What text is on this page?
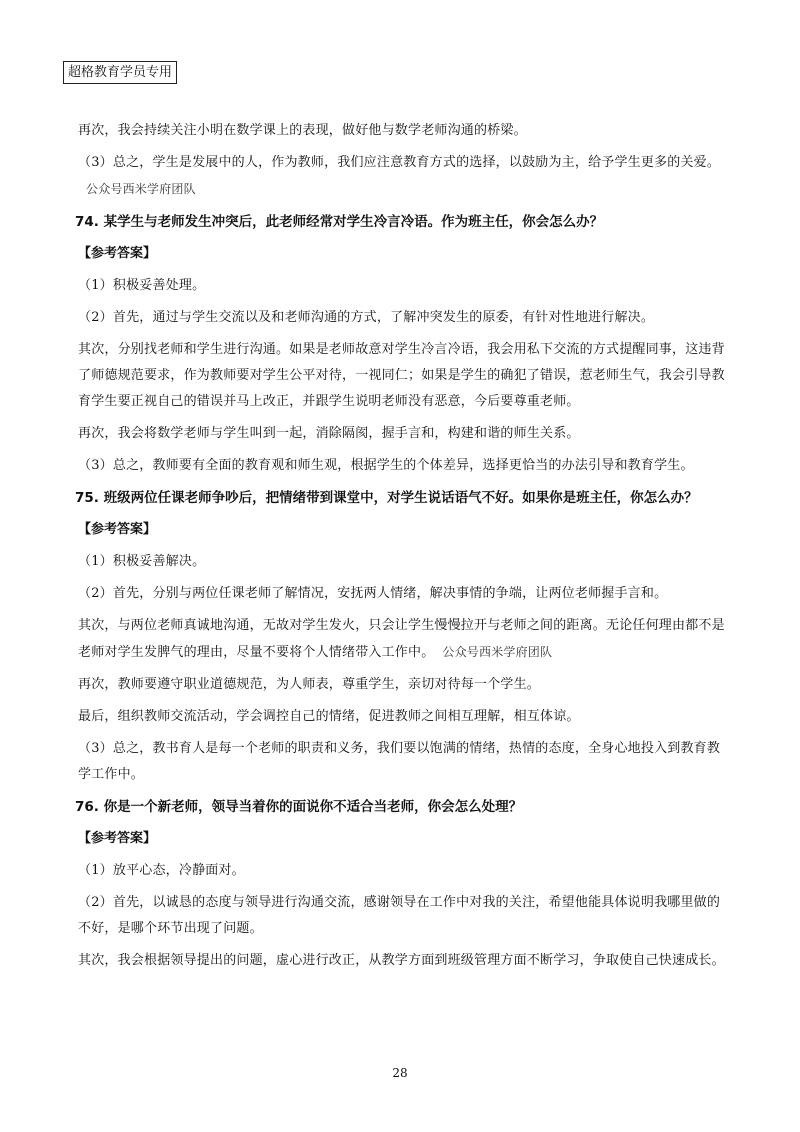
超格教育学员专用

再次，我会持续关注小明在数学课上的表现，做好他与数学老师沟通的桥梁。

（3）总之，学生是发展中的人，作为教师，我们应注意教育方式的选择，以鼓励为主，给予学生更多的关爱。公众号西米学府团队

74. 某学生与老师发生冲突后，此老师经常对学生冷言冷语。作为班主任，你会怎么办？

【参考答案】

（1）积极妥善处理。

（2）首先，通过与学生交流以及和老师沟通的方式，了解冲突发生的原委，有针对性地进行解决。

其次，分别找老师和学生进行沟通。如果是老师故意对学生冷言冷语，我会用私下交流的方式提醒同事，这违背了师德规范要求，作为教师要对学生公平对待，一视同仁；如果是学生的确犯了错误，惹老师生气，我会引导教育学生要正视自己的错误并马上改正，并跟学生说明老师没有恶意，今后要尊重老师。

再次，我会将数学老师与学生叫到一起，消除隔阂，握手言和，构建和谐的师生关系。

（3）总之，教师要有全面的教育观和师生观，根据学生的个体差异，选择更恰当的办法引导和教育学生。

75. 班级两位任课老师争吵后，把情绪带到课堂中，对学生说话语气不好。如果你是班主任，你怎么办？

【参考答案】

（1）积极妥善解决。

（2）首先，分别与两位任课老师了解情况，安抚两人情绪，解决事情的争端，让两位老师握手言和。

其次，与两位老师真诚地沟通，无故对学生发火，只会让学生慢慢拉开与老师之间的距离。无论任何理由都不是老师对学生发脾气的理由，尽量不要将个人情绪带入工作中。 公众号西米学府团队

再次，教师要遵守职业道德规范，为人师表，尊重学生，亲切对待每一个学生。

最后，组织教师交流活动，学会调控自己的情绪，促进教师之间相互理解，相互体谅。

（3）总之，教书育人是每一个老师的职责和义务，我们要以饱满的情绪，热情的态度，全身心地投入到教育教学工作中。

76. 你是一个新老师，领导当着你的面说你不适合当老师，你会怎么处理？

【参考答案】

（1）放平心态，冷静面对。

（2）首先，以诚恳的态度与领导进行沟通交流，感谢领导在工作中对我的关注，希望他能具体说明我哪里做的不好，是哪个环节出现了问题。

其次，我会根据领导提出的问题，虚心进行改正，从教学方面到班级管理方面不断学习，争取使自己快速成长。

28
